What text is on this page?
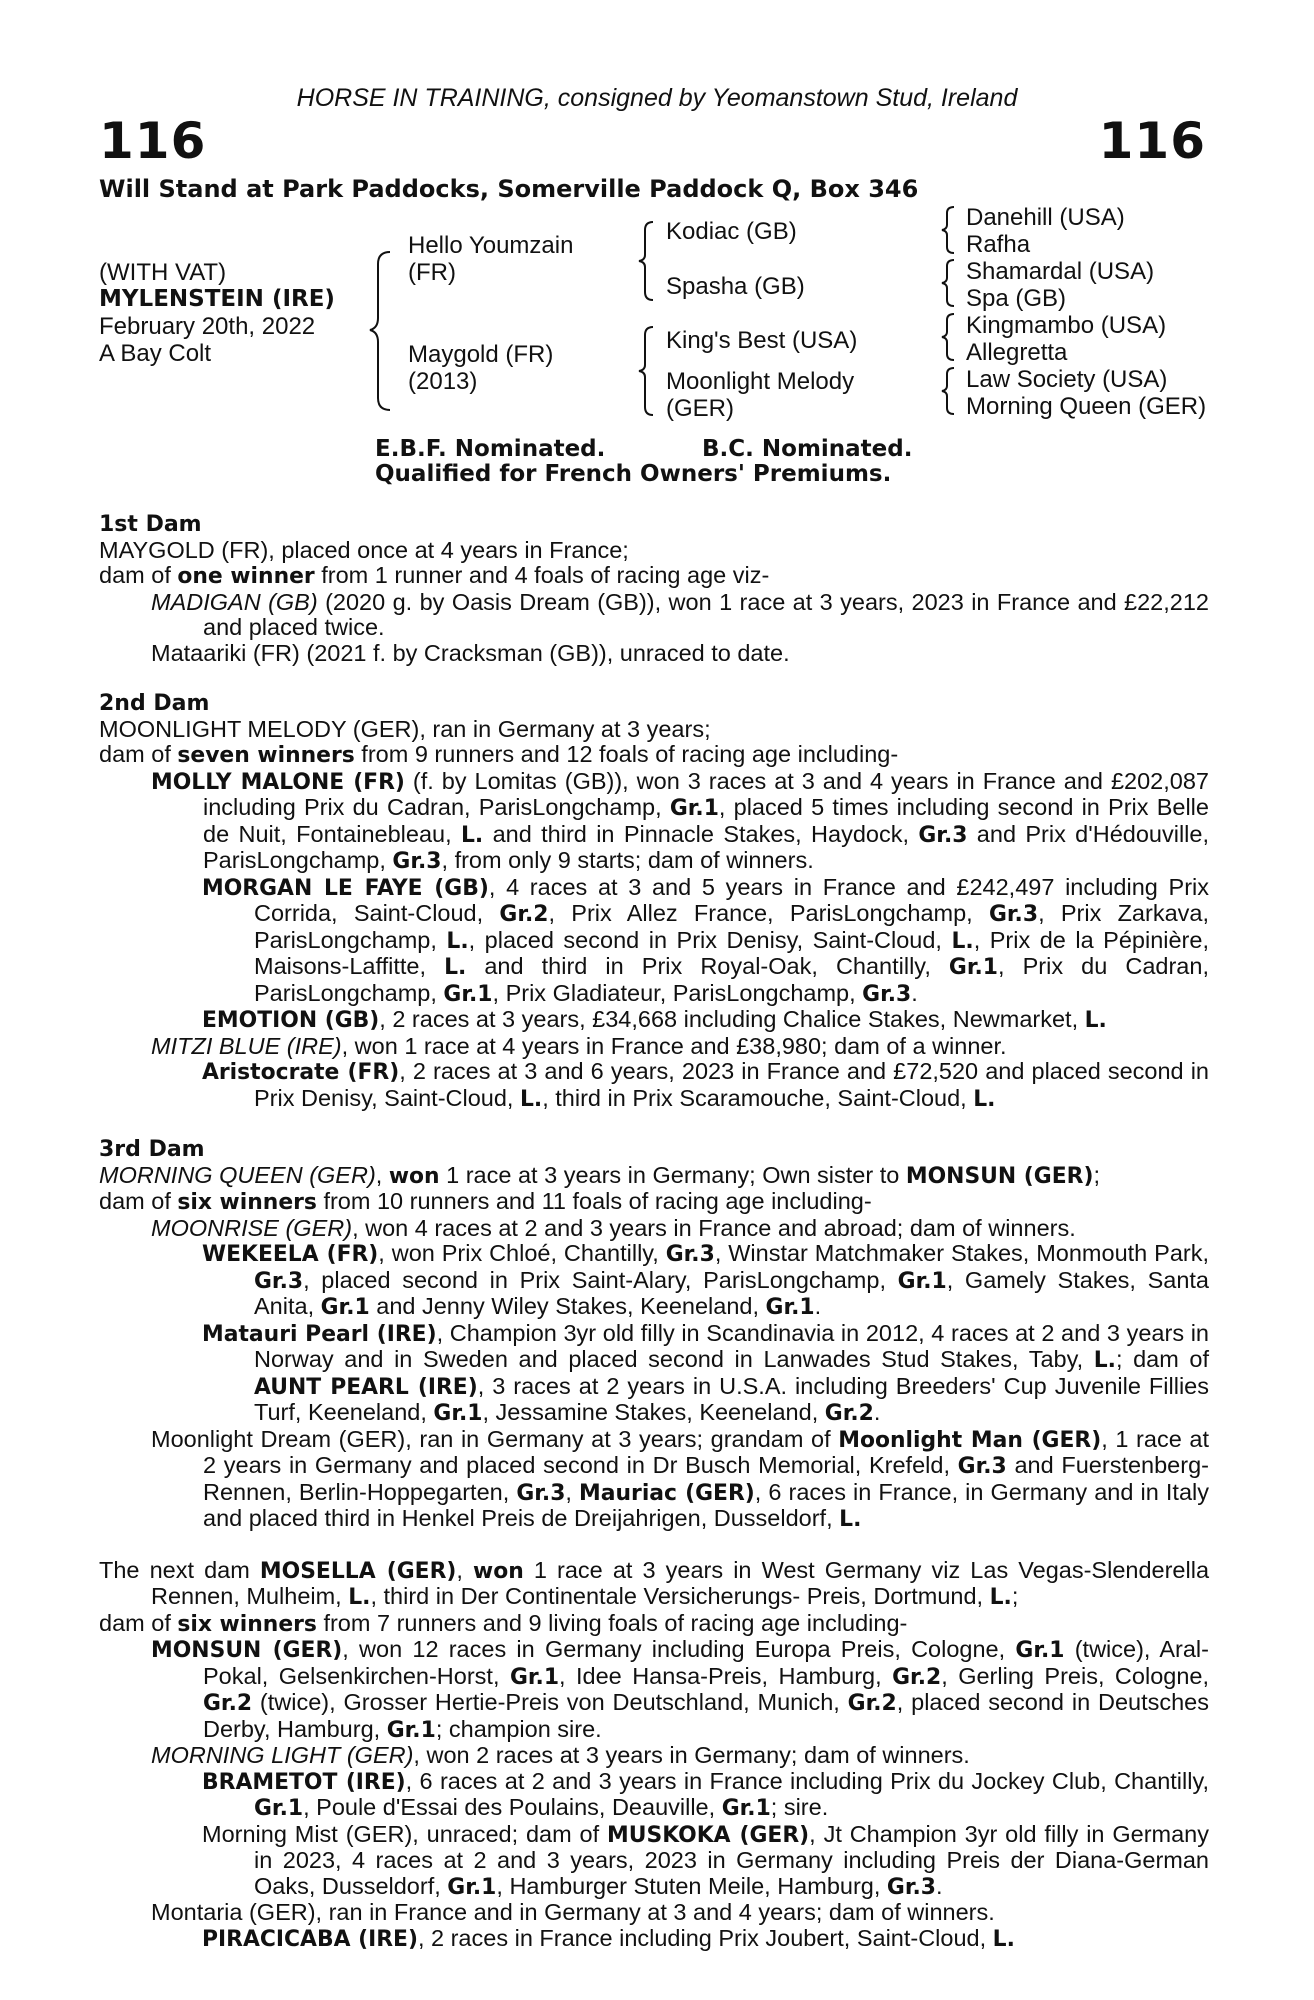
HORSE IN TRAINING, consigned by Yeomanstown Stud, Ireland
116	116
Will Stand at Park Paddocks, Somerville Paddock Q, Box 346
(WITH VAT)
MYLENSTEIN (IRE)
February 20th, 2022
A Bay Colt
Hello Youmzain
(FR)
Maygold (FR)
(2013)
Kodiac (GB)
Spasha (GB)
King's Best (USA)
Moonlight Melody
(GER)
Danehill (USA)
Rafha
Shamardal (USA)
Spa (GB)
Kingmambo (USA)
Allegretta
Law Society (USA)
Morning Queen (GER)
E.B.F. Nominated.	B.C. Nominated.
Qualified for French Owners' Premiums.
1st Dam

MAYGOLD (FR), placed once at 4 years in France;

dam of one winner from 1 runner and 4 foals of racing age viz-

MADIGAN (GB) (2020 g. by Oasis Dream (GB)), won 1 race at 3 years, 2023 in France and £22,212 and placed twice.

Mataariki (FR) (2021 f. by Cracksman (GB)), unraced to date.

2nd Dam

MOONLIGHT MELODY (GER), ran in Germany at 3 years;

dam of seven winners from 9 runners and 12 foals of racing age including-

MOLLY MALONE (FR) (f. by Lomitas (GB)), won 3 races at 3 and 4 years in France and £202,087 including Prix du Cadran, ParisLongchamp, Gr.1, placed 5 times including second in Prix Belle de Nuit, Fontainebleau, L. and third in Pinnacle Stakes, Haydock, Gr.3 and Prix d'Hédouville, ParisLongchamp, Gr.3, from only 9 starts; dam of winners.

MORGAN LE FAYE (GB), 4 races at 3 and 5 years in France and £242,497 including Prix Corrida, Saint-Cloud, Gr.2, Prix Allez France, ParisLongchamp, Gr.3, Prix Zarkava, ParisLongchamp, L., placed second in Prix Denisy, Saint-Cloud, L., Prix de la Pépinière, Maisons-Laffitte, L. and third in Prix Royal-Oak, Chantilly, Gr.1, Prix du Cadran, ParisLongchamp, Gr.1, Prix Gladiateur, ParisLongchamp, Gr.3.

EMOTION (GB), 2 races at 3 years, £34,668 including Chalice Stakes, Newmarket, L.

MITZI BLUE (IRE), won 1 race at 4 years in France and £38,980; dam of a winner.

Aristocrate (FR), 2 races at 3 and 6 years, 2023 in France and £72,520 and placed second in Prix Denisy, Saint-Cloud, L., third in Prix Scaramouche, Saint-Cloud, L.

3rd Dam

MORNING QUEEN (GER), won 1 race at 3 years in Germany; Own sister to MONSUN (GER);

dam of six winners from 10 runners and 11 foals of racing age including-

MOONRISE (GER), won 4 races at 2 and 3 years in France and abroad; dam of winners.

WEKEELA (FR), won Prix Chloé, Chantilly, Gr.3, Winstar Matchmaker Stakes, Monmouth Park, Gr.3, placed second in Prix Saint-Alary, ParisLongchamp, Gr.1, Gamely Stakes, Santa Anita, Gr.1 and Jenny Wiley Stakes, Keeneland, Gr.1.

Matauri Pearl (IRE), Champion 3yr old filly in Scandinavia in 2012, 4 races at 2 and 3 years in Norway and in Sweden and placed second in Lanwades Stud Stakes, Taby, L.; dam of AUNT PEARL (IRE), 3 races at 2 years in U.S.A. including Breeders' Cup Juvenile Fillies Turf, Keeneland, Gr.1, Jessamine Stakes, Keeneland, Gr.2.

Moonlight Dream (GER), ran in Germany at 3 years; grandam of Moonlight Man (GER), 1 race at 2 years in Germany and placed second in Dr Busch Memorial, Krefeld, Gr.3 and Fuerstenberg-Rennen, Berlin-Hoppegarten, Gr.3, Mauriac (GER), 6 races in France, in Germany and in Italy and placed third in Henkel Preis de Dreijahrigen, Dusseldorf, L.

The next dam MOSELLA (GER), won 1 race at 3 years in West Germany viz Las Vegas-Slenderella Rennen, Mulheim, L., third in Der Continentale Versicherungs- Preis, Dortmund, L.;

dam of six winners from 7 runners and 9 living foals of racing age including-

MONSUN (GER), won 12 races in Germany including Europa Preis, Cologne, Gr.1 (twice), Aral-Pokal, Gelsenkirchen-Horst, Gr.1, Idee Hansa-Preis, Hamburg, Gr.2, Gerling Preis, Cologne, Gr.2 (twice), Grosser Hertie-Preis von Deutschland, Munich, Gr.2, placed second in Deutsches Derby, Hamburg, Gr.1; champion sire.

MORNING LIGHT (GER), won 2 races at 3 years in Germany; dam of winners.

BRAMETOT (IRE), 6 races at 2 and 3 years in France including Prix du Jockey Club, Chantilly, Gr.1, Poule d'Essai des Poulains, Deauville, Gr.1; sire.

Morning Mist (GER), unraced; dam of MUSKOKA (GER), Jt Champion 3yr old filly in Germany in 2023, 4 races at 2 and 3 years, 2023 in Germany including Preis der Diana-German Oaks, Dusseldorf, Gr.1, Hamburger Stuten Meile, Hamburg, Gr.3.

Montaria (GER), ran in France and in Germany at 3 and 4 years; dam of winners.

PIRACICABA (IRE), 2 races in France including Prix Joubert, Saint-Cloud, L.
